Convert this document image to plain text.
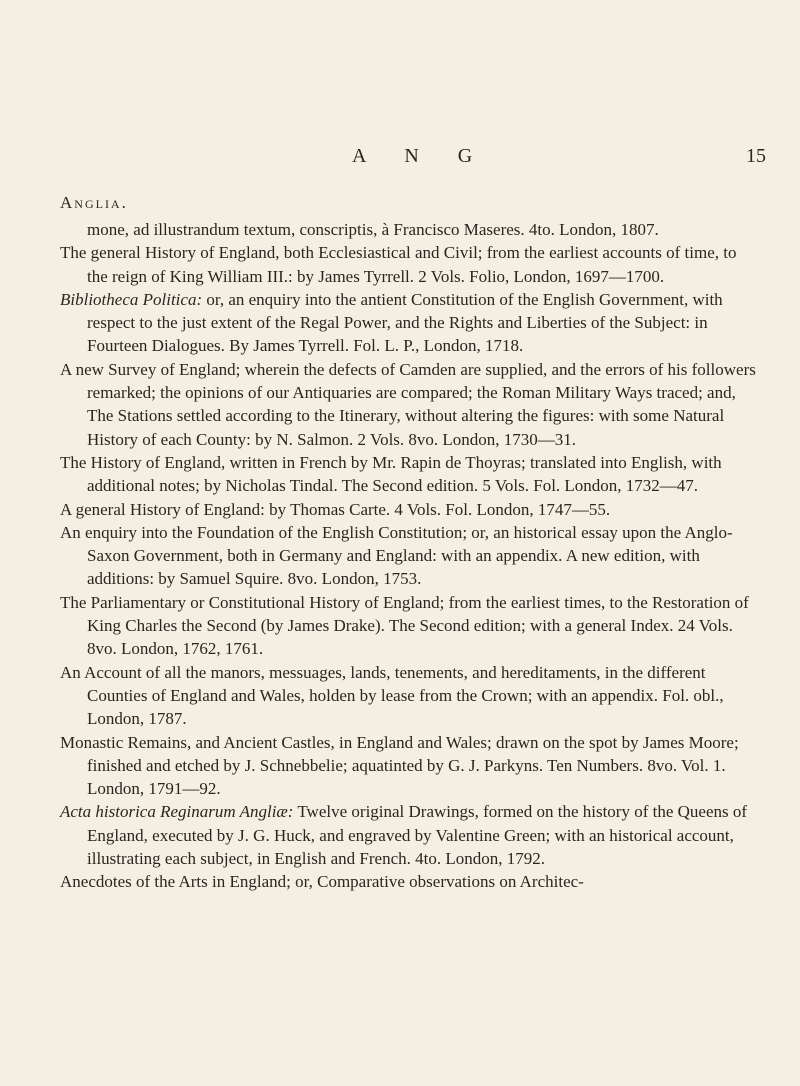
A N G	15
Anglia.
mone, ad illustrandum textum, conscriptis, à Francisco Maseres. 4to. London, 1807.
The general History of England, both Ecclesiastical and Civil; from the earliest accounts of time, to the reign of King William III.: by James Tyrrell. 2 Vols. Folio, London, 1697—1700.
Bibliotheca Politica: or, an enquiry into the antient Constitution of the English Government, with respect to the just extent of the Regal Power, and the Rights and Liberties of the Subject: in Fourteen Dialogues. By James Tyrrell. Fol. L. P., London, 1718.
A new Survey of England; wherein the defects of Camden are supplied, and the errors of his followers remarked; the opinions of our Antiquaries are compared; the Roman Military Ways traced; and, The Stations settled according to the Itinerary, without altering the figures: with some Natural History of each County: by N. Salmon. 2 Vols. 8vo. London, 1730—31.
The History of England, written in French by Mr. Rapin de Thoyras; translated into English, with additional notes; by Nicholas Tindal. The Second edition. 5 Vols. Fol. London, 1732—47.
A general History of England: by Thomas Carte. 4 Vols. Fol. London, 1747—55.
An enquiry into the Foundation of the English Constitution; or, an historical essay upon the Anglo-Saxon Government, both in Germany and England: with an appendix. A new edition, with additions: by Samuel Squire. 8vo. London, 1753.
The Parliamentary or Constitutional History of England; from the earliest times, to the Restoration of King Charles the Second (by James Drake). The Second edition; with a general Index. 24 Vols. 8vo. London, 1762, 1761.
An Account of all the manors, messuages, lands, tenements, and hereditaments, in the different Counties of England and Wales, holden by lease from the Crown; with an appendix. Fol. obl., London, 1787.
Monastic Remains, and Ancient Castles, in England and Wales; drawn on the spot by James Moore; finished and etched by J. Schnebbelie; aquatinted by G. J. Parkyns. Ten Numbers. 8vo. Vol. 1. London, 1791—92.
Acta historica Reginarum Angliæ: Twelve original Drawings, formed on the history of the Queens of England, executed by J. G. Huck, and engraved by Valentine Green; with an historical account, illustrating each subject, in English and French. 4to. London, 1792.
Anecdotes of the Arts in England; or, Comparative observations on Architec-
